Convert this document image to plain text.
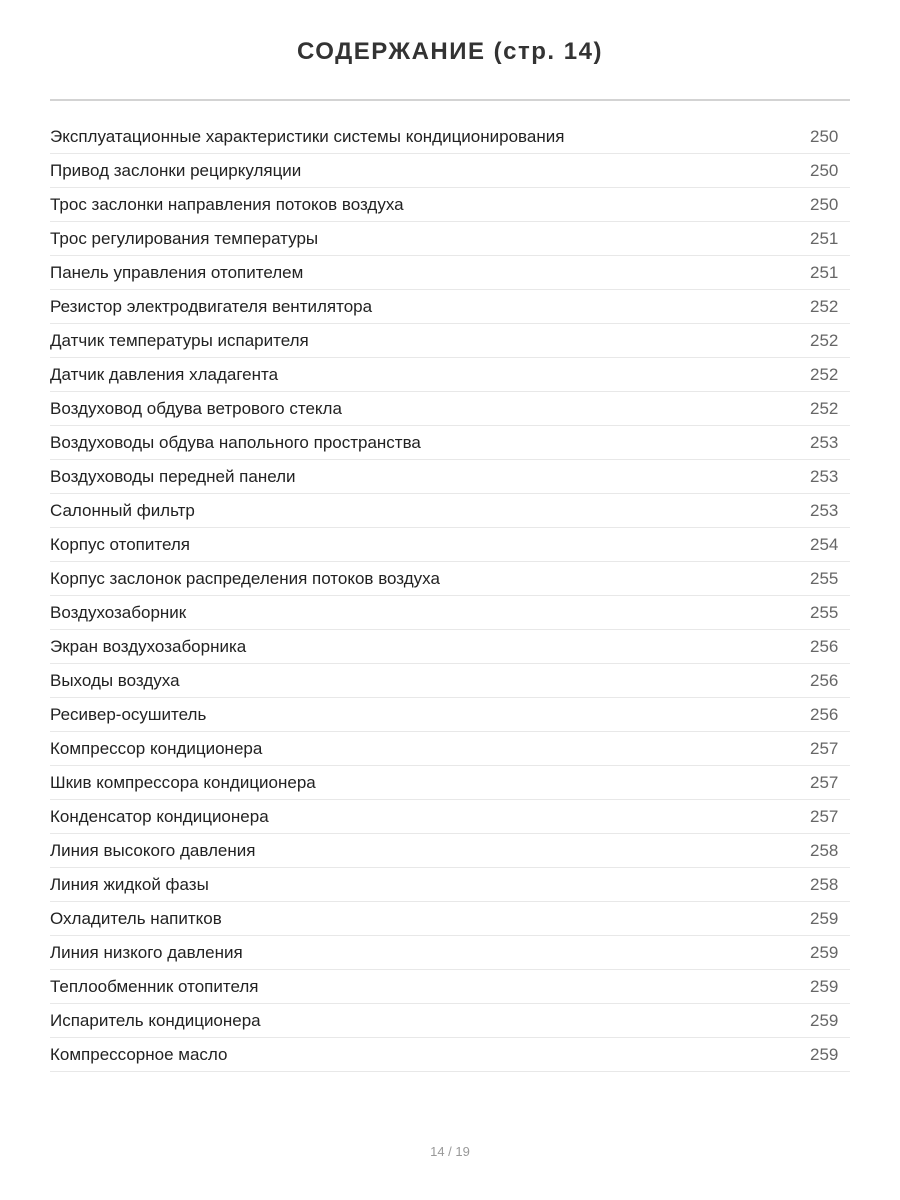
СОДЕРЖАНИЕ (стр. 14)
Эксплуатационные характеристики системы кондиционирования	250
Привод заслонки рециркуляции	250
Трос заслонки направления потоков воздуха	250
Трос регулирования температуры	251
Панель управления отопителем	251
Резистор электродвигателя вентилятора	252
Датчик температуры испарителя	252
Датчик давления хладагента	252
Воздуховод обдува ветрового стекла	252
Воздуховоды обдува напольного пространства	253
Воздуховоды передней панели	253
Салонный фильтр	253
Корпус отопителя	254
Корпус заслонок распределения потоков воздуха	255
Воздухозаборник	255
Экран воздухозаборника	256
Выходы воздуха	256
Ресивер-осушитель	256
Компрессор кондиционера	257
Шкив компрессора кондиционера	257
Конденсатор кондиционера	257
Линия высокого давления	258
Линия жидкой фазы	258
Охладитель напитков	259
Линия низкого давления	259
Теплообменник отопителя	259
Испаритель кондиционера	259
Компрессорное масло	259
14 / 19
